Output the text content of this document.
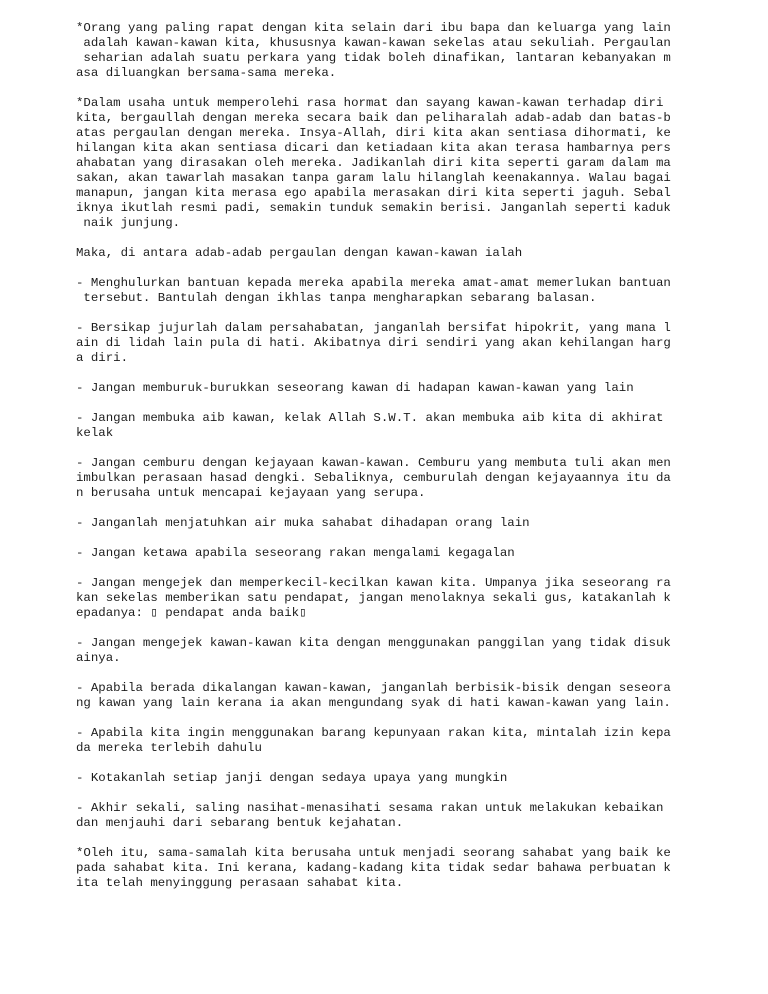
*Orang yang paling rapat dengan kita selain dari ibu bapa dan keluarga yang lain
adalah kawan-kawan kita, khususnya kawan-kawan sekelas atau sekuliah. Pergaulan
seharian adalah suatu perkara yang tidak boleh dinafikan, lantaran kebanyakan m
asa diluangkan bersama-sama mereka.
*Dalam usaha untuk memperolehi rasa hormat dan sayang kawan-kawan terhadap diri
kita, bergaullah dengan mereka secara baik dan peliharalah adab-adab dan batas-b
atas pergaulan dengan mereka. Insya-Allah, diri kita akan sentiasa dihormati, ke
hilangan kita akan sentiasa dicari dan ketiadaan kita akan terasa hambarnya pers
ahabatan yang dirasakan oleh mereka. Jadikanlah diri kita seperti garam dalam ma
sakan, akan tawarlah masakan tanpa garam lalu hilanglah keenakannya. Walau bagai
manapun, jangan kita merasa ego apabila merasakan diri kita seperti jaguh. Sebal
iknya ikutlah resmi padi, semakin tunduk semakin berisi. Janganlah seperti kaduk
naik junjung.
Maka, di antara adab-adab pergaulan dengan kawan-kawan ialah
- Menghulurkan bantuan kepada mereka apabila mereka amat-amat memerlukan bantuan
tersebut. Bantulah dengan ikhlas tanpa mengharapkan sebarang balasan.
- Bersikap jujurlah dalam persahabatan, janganlah bersifat hipokrit, yang mana l
ain di lidah lain pula di hati. Akibatnya diri sendiri yang akan kehilangan harg
a diri.
- Jangan memburuk-burukkan seseorang kawan di hadapan kawan-kawan yang lain
- Jangan membuka aib kawan, kelak Allah S.W.T. akan membuka aib kita di akhirat
kelak
- Jangan cemburu dengan kejayaan kawan-kawan. Cemburu yang membuta tuli akan men
imbulkan perasaan hasad dengki. Sebaliknya, cemburulah dengan kejayaannya itu da
n berusaha untuk mencapai kejayaan yang serupa.
- Janganlah menjatuhkan air muka sahabat dihadapan orang lain
- Jangan ketawa apabila seseorang rakan mengalami kegagalan
- Jangan mengejek dan memperkecil-kecilkan kawan kita. Umpanya jika seseorang ra
kan sekelas memberikan satu pendapat, jangan menolaknya sekali gus, katakanlah k
epadanya: ▯ pendapat anda baik▯
- Jangan mengejek kawan-kawan kita dengan menggunakan panggilan yang tidak disuk
ainya.
- Apabila berada dikalangan kawan-kawan, janganlah berbisik-bisik dengan seseora
ng kawan yang lain kerana ia akan mengundang syak di hati kawan-kawan yang lain.
- Apabila kita ingin menggunakan barang kepunyaan rakan kita, mintalah izin kepa
da mereka terlebih dahulu
- Kotakanlah setiap janji dengan sedaya upaya yang mungkin
- Akhir sekali, saling nasihat-menasihati sesama rakan untuk melakukan kebaikan
dan menjauhi dari sebarang bentuk kejahatan.
*Oleh itu, sama-samalah kita berusaha untuk menjadi seorang sahabat yang baik ke
pada sahabat kita. Ini kerana, kadang-kadang kita tidak sedar bahawa perbuatan k
ita telah menyinggung perasaan sahabat kita.
